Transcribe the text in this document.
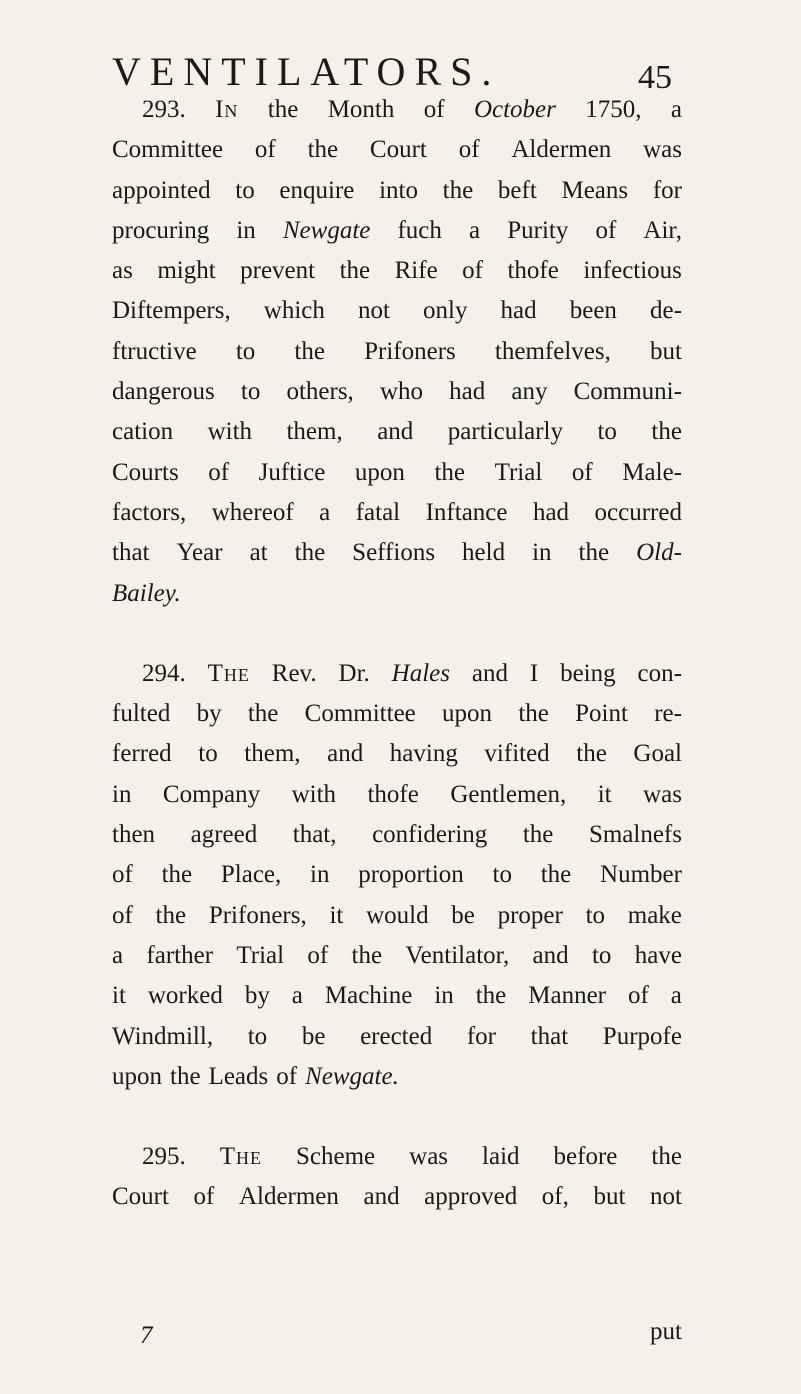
VENTILATORS.	45
293. In the Month of October 1750, a
Committee of the Court of Aldermen was
appointed to enquire into the beft Means for
procuring in Newgate fuch a Purity of Air,
as might prevent the Rife of thofe infectious
Diftempers, which not only had been de-
ftructive to the Prifoners themfelves, but
dangerous to others, who had any Communi-
cation with them, and particularly to the
Courts of Juftice upon the Trial of Male-
factors, whereof a fatal Inftance had occurred
that Year at the Seffions held in the Old-
Bailey.
294. The Rev. Dr. Hales and I being con-
fulted by the Committee upon the Point re-
ferred to them, and having vifited the Goal
in Company with thofe Gentlemen, it was
then agreed that, confidering the Smalnefs
of the Place, in proportion to the Number
of the Prifoners, it would be proper to make
a farther Trial of the Ventilator, and to have
it worked by a Machine in the Manner of a
Windmill, to be erected for that Purpofe
upon the Leads of Newgate.
295. The Scheme was laid before the
Court of Aldermen and approved of, but not
7	put
